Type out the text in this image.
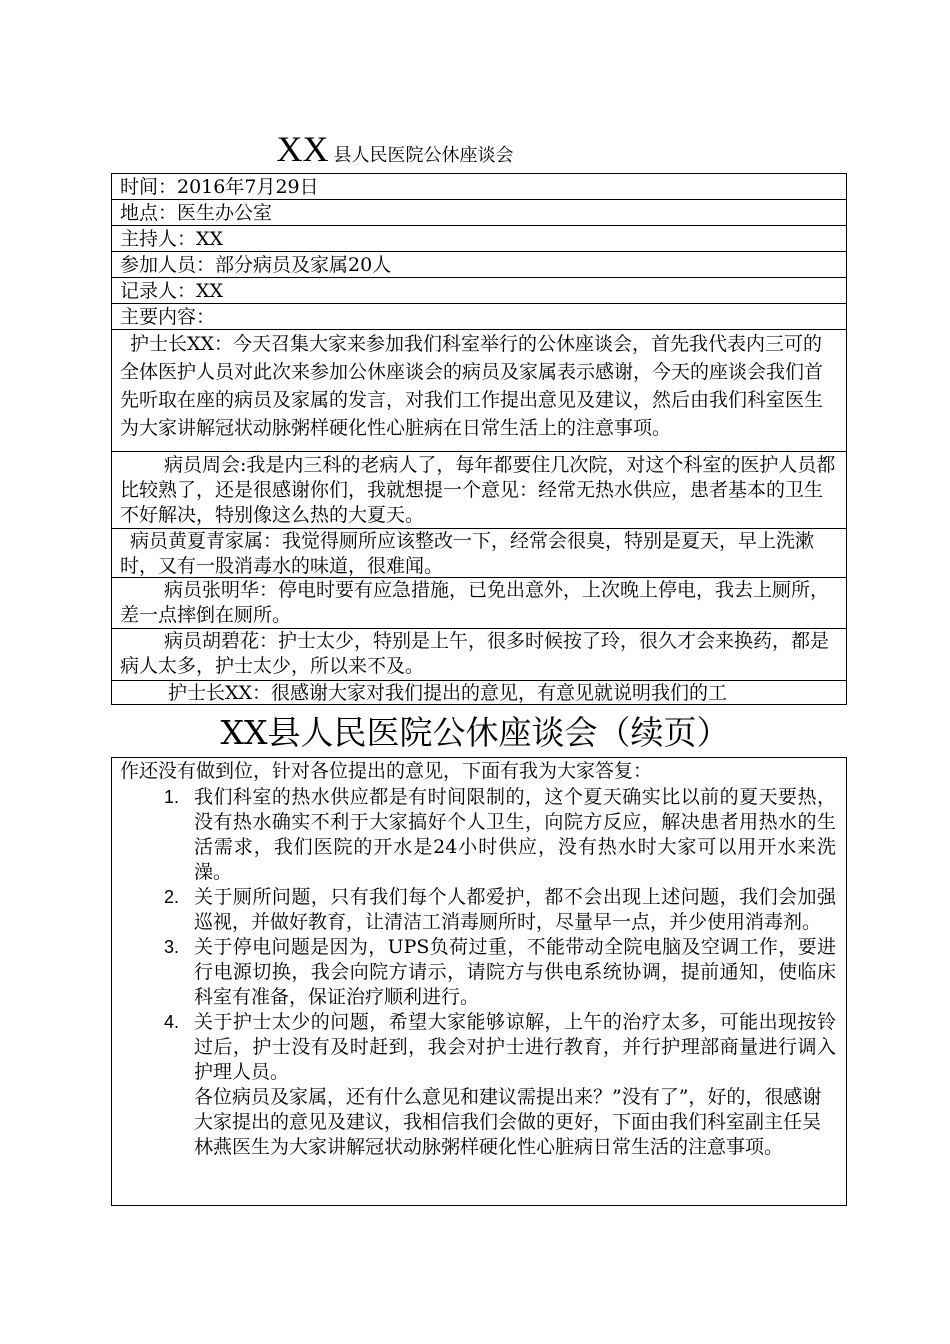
XX 县人民医院公休座谈会
时间：2016年7月29日
地点：医生办公室
主持人：XX
参加人员：部分病员及家属20人
记录人：XX
主要内容：
护士长XX：今天召集大家来参加我们科室举行的公休座谈会，首先我代表内三可的全体医护人员对此次来参加公休座谈会的病员及家属表示感谢，今天的座谈会我们首先听取在座的病员及家属的发言，对我们工作提出意见及建议，然后由我们科室医生为大家讲解冠状动脉粥样硬化性心脏病在日常生活上的注意事项。
病员周会:我是内三科的老病人了，每年都要住几次院，对这个科室的医护人员都比较熟了，还是很感谢你们，我就想提一个意见：经常无热水供应，患者基本的卫生不好解决，特别像这么热的大夏天。
病员黄夏青家属：我觉得厕所应该整改一下，经常会很臭，特别是夏天，早上洗漱时，又有一股消毒水的味道，很难闻。
病员张明华：停电时要有应急措施，已免出意外，上次晚上停电，我去上厕所，差一点摔倒在厕所。
病员胡碧花：护士太少，特别是上午，很多时候按了玲，很久才会来换药，都是病人太多，护士太少，所以来不及。
护士长XX：很感谢大家对我们提出的意见，有意见就说明我们的工
XX县人民医院公休座谈会（续页）
作还没有做到位，针对各位提出的意见，下面有我为大家答复：
1. 我们科室的热水供应都是有时间限制的，这个夏天确实比以前的夏天要热，没有热水确实不利于大家搞好个人卫生，向院方反应，解决患者用热水的生活需求，我们医院的开水是24小时供应，没有热水时大家可以用开水来洗澡。
2. 关于厕所问题，只有我们每个人都爱护，都不会出现上述问题，我们会加强巡视，并做好教育，让清洁工消毒厕所时，尽量早一点，并少使用消毒剂。
3. 关于停电问题是因为，UPS负荷过重，不能带动全院电脑及空调工作，要进行电源切换，我会向院方请示，请院方与供电系统协调，提前通知，使临床科室有准备，保证治疗顺利进行。
4. 关于护士太少的问题，希望大家能够谅解，上午的治疗太多，可能出现按铃过后，护士没有及时赶到，我会对护士进行教育，并行护理部商量进行调入护理人员。
各位病员及家属，还有什么意见和建议需提出来？”没有了”，好的，很感谢大家提出的意见及建议，我相信我们会做的更好，下面由我们科室副主任吴林燕医生为大家讲解冠状动脉粥样硬化性心脏病日常生活的注意事项。
